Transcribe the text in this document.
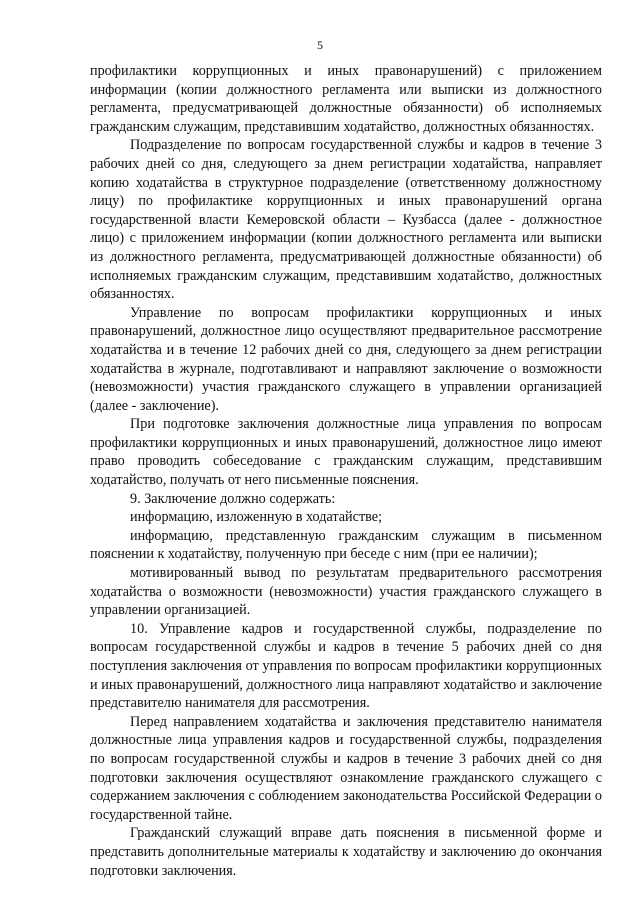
5

профилактики коррупционных и иных правонарушений) с приложением информации (копии должностного регламента или выписки из должностного регламента, предусматривающей должностные обязанности) об исполняемых гражданским служащим, представившим ходатайство, должностных обязанностях.

Подразделение по вопросам государственной службы и кадров в течение 3 рабочих дней со дня, следующего за днем регистрации ходатайства, направляет копию ходатайства в структурное подразделение (ответственному должностному лицу) по профилактике коррупционных и иных правонарушений органа государственной власти Кемеровской области – Кузбасса (далее - должностное лицо) с приложением информации (копии должностного регламента или выписки из должностного регламента, предусматривающей должностные обязанности) об исполняемых гражданским служащим, представившим ходатайство, должностных обязанностях.

Управление по вопросам профилактики коррупционных и иных правонарушений, должностное лицо осуществляют предварительное рассмотрение ходатайства и в течение 12 рабочих дней со дня, следующего за днем регистрации ходатайства в журнале, подготавливают и направляют заключение о возможности (невозможности) участия гражданского служащего в управлении организацией (далее - заключение).

При подготовке заключения должностные лица управления по вопросам профилактики коррупционных и иных правонарушений, должностное лицо имеют право проводить собеседование с гражданским служащим, представившим ходатайство, получать от него письменные пояснения.

9. Заключение должно содержать:

информацию, изложенную в ходатайстве;

информацию, представленную гражданским служащим в письменном пояснении к ходатайству, полученную при беседе с ним (при ее наличии);

мотивированный вывод по результатам предварительного рассмотрения ходатайства о возможности (невозможности) участия гражданского служащего в управлении организацией.

10. Управление кадров и государственной службы, подразделение по вопросам государственной службы и кадров в течение 5 рабочих дней со дня поступления заключения от управления по вопросам профилактики коррупционных и иных правонарушений, должностного лица направляют ходатайство и заключение представителю нанимателя для рассмотрения.

Перед направлением ходатайства и заключения представителю нанимателя должностные лица управления кадров и государственной службы, подразделения по вопросам государственной службы и кадров в течение 3 рабочих дней со дня подготовки заключения осуществляют ознакомление гражданского служащего с содержанием заключения с соблюдением законодательства Российской Федерации о государственной тайне.

Гражданский служащий вправе дать пояснения в письменной форме и представить дополнительные материалы к ходатайству и заключению до окончания подготовки заключения.
